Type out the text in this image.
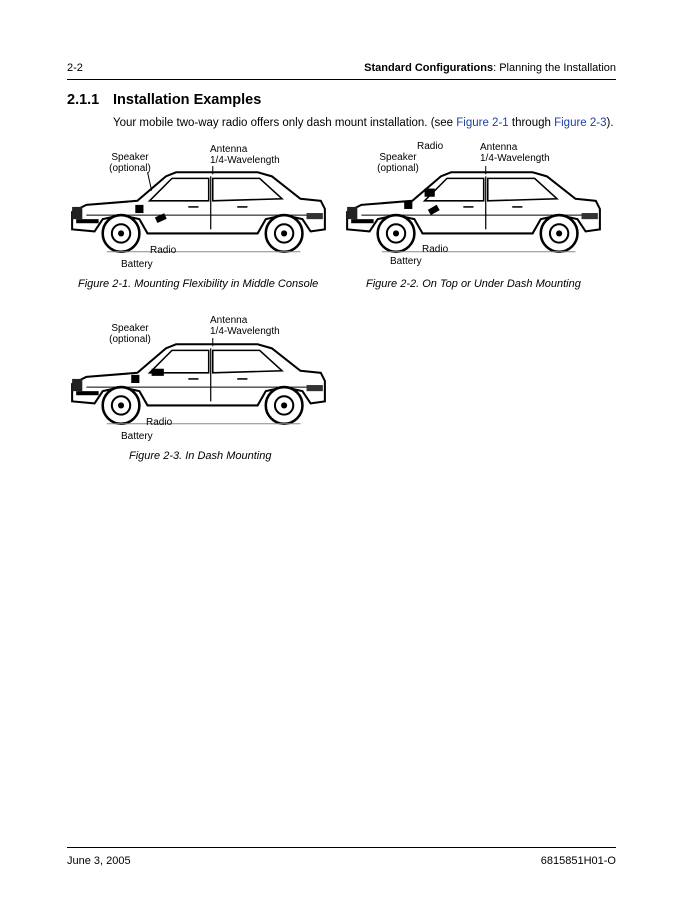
2-2	Standard Configurations: Planning the Installation
2.1.1 Installation Examples
Your mobile two-way radio offers only dash mount installation. (see Figure 2-1 through Figure 2-3).
Speaker
(optional)
Antenna
1/4-Wavelength
Radio
Battery
Figure 2-1. Mounting Flexibility in Middle Console
Speaker
(optional)
Radio	Antenna
1/4-Wavelength
Radio
Battery
Figure 2-2. On Top or Under Dash Mounting
Speaker
(optional)
Antenna
1/4-Wavelength
Radio
Battery
Figure 2-3. In Dash Mounting
June 3, 2005	6815851H01-O
